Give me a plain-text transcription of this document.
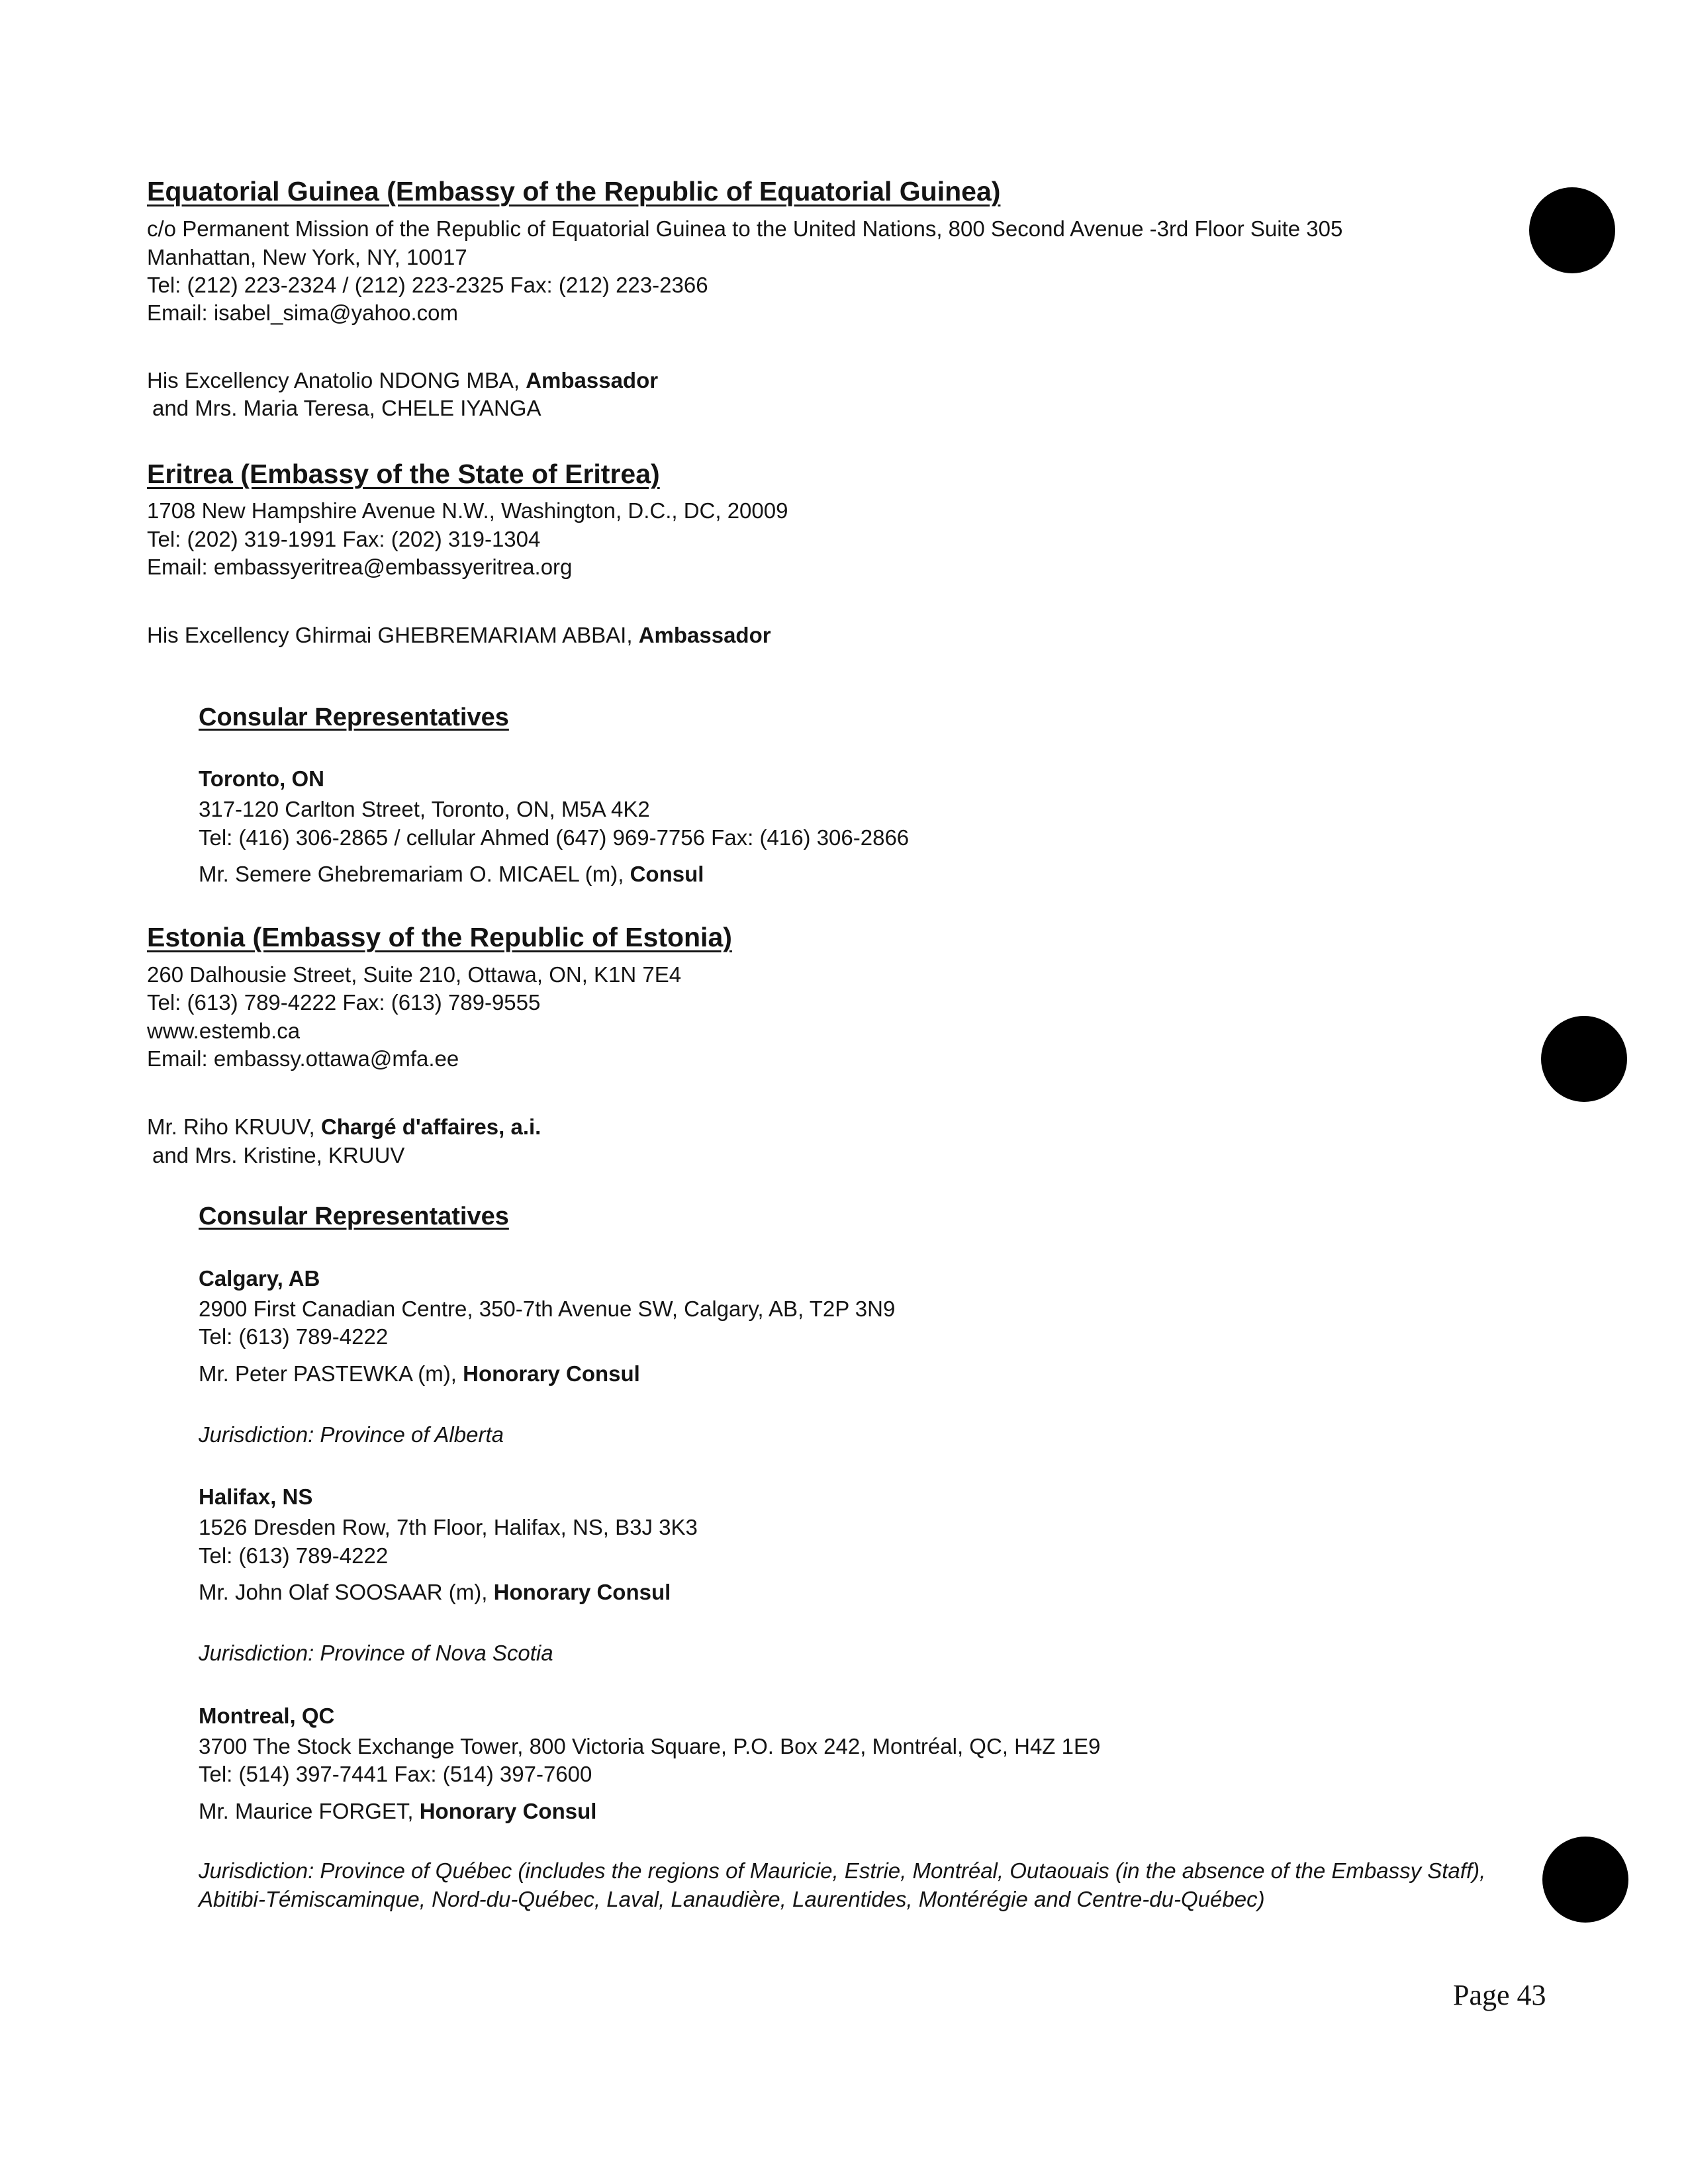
Equatorial Guinea (Embassy of the Republic of Equatorial Guinea)
c/o Permanent Mission of the Republic of Equatorial Guinea to the United Nations, 800 Second Avenue -3rd Floor Suite 305
Manhattan, New York, NY, 10017
Tel: (212) 223-2324 / (212) 223-2325 Fax: (212) 223-2366
Email: isabel_sima@yahoo.com
His Excellency Anatolio NDONG MBA, Ambassador
and Mrs. Maria Teresa, CHELE IYANGA
Eritrea (Embassy of the State of Eritrea)
1708 New Hampshire Avenue N.W., Washington, D.C., DC, 20009
Tel: (202) 319-1991 Fax: (202) 319-1304
Email: embassyeritrea@embassyeritrea.org
His Excellency Ghirmai GHEBREMARIAM ABBAI, Ambassador
Consular Representatives
Toronto, ON
317-120 Carlton Street, Toronto, ON, M5A 4K2
Tel: (416) 306-2865 / cellular Ahmed (647) 969-7756 Fax: (416) 306-2866
Mr. Semere Ghebremariam O. MICAEL (m), Consul
Estonia (Embassy of the Republic of Estonia)
260 Dalhousie Street, Suite 210, Ottawa, ON, K1N 7E4
Tel: (613) 789-4222 Fax: (613) 789-9555
www.estemb.ca
Email: embassy.ottawa@mfa.ee
Mr. Riho KRUUV, Chargé d'affaires, a.i.
and Mrs. Kristine, KRUUV
Consular Representatives
Calgary, AB
2900 First Canadian Centre, 350-7th Avenue SW, Calgary, AB, T2P 3N9
Tel: (613) 789-4222
Mr. Peter PASTEWKA (m), Honorary Consul
Jurisdiction: Province of Alberta
Halifax, NS
1526 Dresden Row, 7th Floor, Halifax, NS, B3J 3K3
Tel: (613) 789-4222
Mr. John Olaf SOOSAAR (m), Honorary Consul
Jurisdiction: Province of Nova Scotia
Montreal, QC
3700 The Stock Exchange Tower, 800 Victoria Square, P.O. Box 242, Montréal, QC, H4Z 1E9
Tel: (514) 397-7441 Fax: (514) 397-7600
Mr. Maurice FORGET, Honorary Consul
Jurisdiction: Province of Québec (includes the regions of Mauricie, Estrie, Montréal, Outaouais (in the absence of the Embassy Staff), Abitibi-Témiscaminque, Nord-du-Québec, Laval, Lanaudière, Laurentides, Montérégie and Centre-du-Québec)
Page 43
